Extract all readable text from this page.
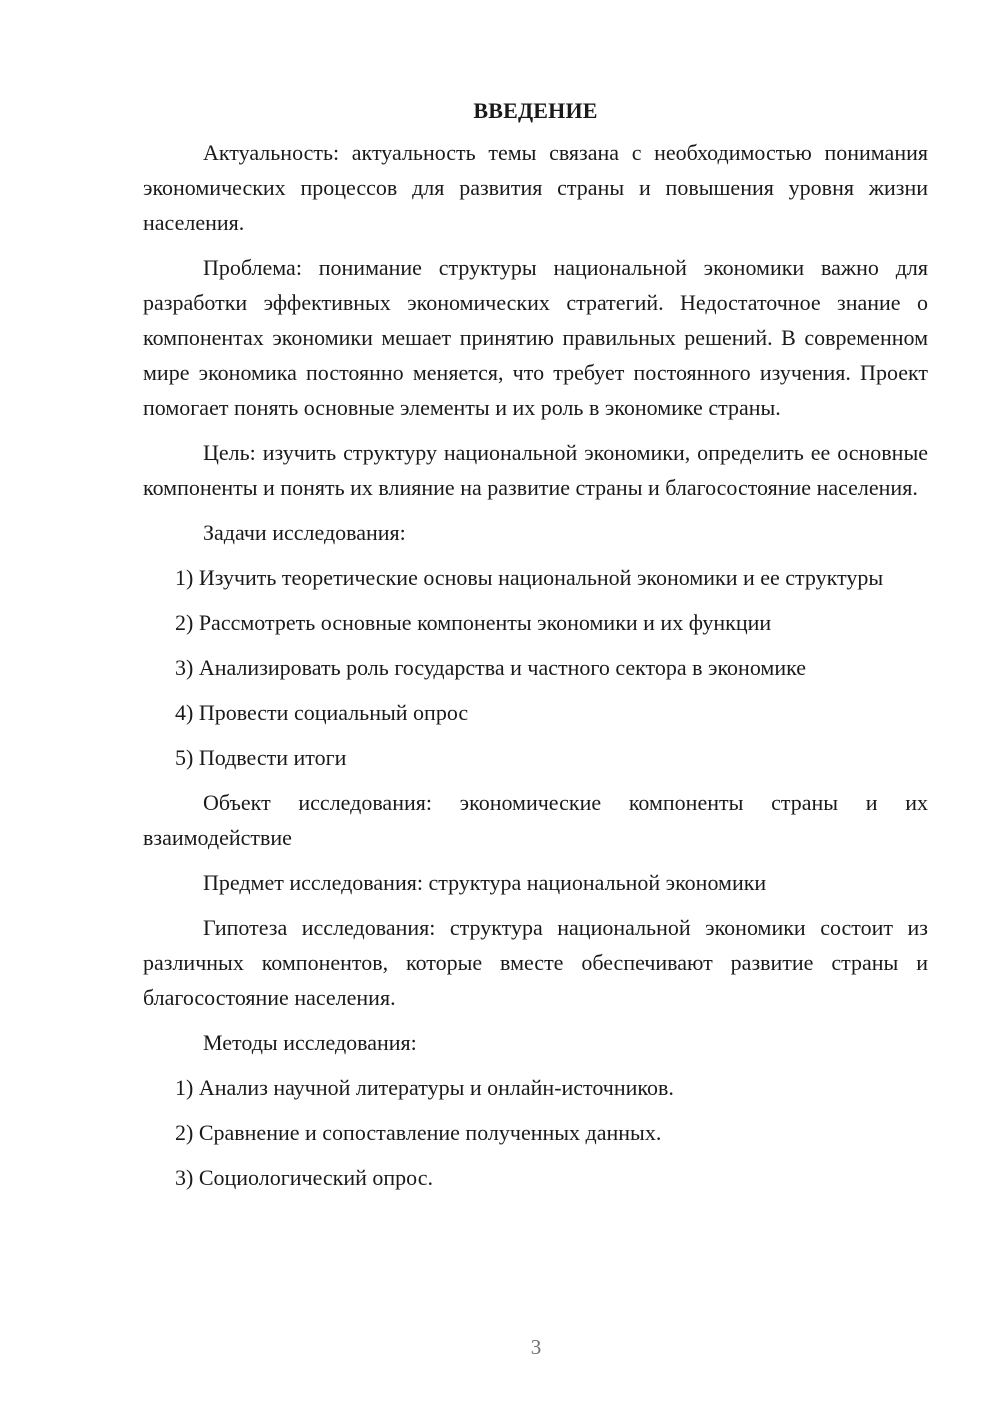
ВВЕДЕНИЕ

Актуальность: актуальность темы связана с необходимостью понимания экономических процессов для развития страны и повышения уровня жизни населения.

Проблема: понимание структуры национальной экономики важно для разработки эффективных экономических стратегий. Недостаточное знание о компонентах экономики мешает принятию правильных решений. В современном мире экономика постоянно меняется, что требует постоянного изучения. Проект помогает понять основные элементы и их роль в экономике страны.

Цель: изучить структуру национальной экономики, определить ее основные компоненты и понять их влияние на развитие страны и благосостояние населения.

Задачи исследования:

1) Изучить теоретические основы национальной экономики и ее структуры

2) Рассмотреть основные компоненты экономики и их функции

3) Анализировать роль государства и частного сектора в экономике

4) Провести социальный опрос

5) Подвести итоги

Объект исследования: экономические компоненты страны и их взаимодействие

Предмет исследования: структура национальной экономики

Гипотеза исследования: структура национальной экономики состоит из различных компонентов, которые вместе обеспечивают развитие страны и благосостояние населения.

Методы исследования:

1) Анализ научной литературы и онлайн-источников.

2) Сравнение и сопоставление полученных данных.

3) Социологический опрос.

3
